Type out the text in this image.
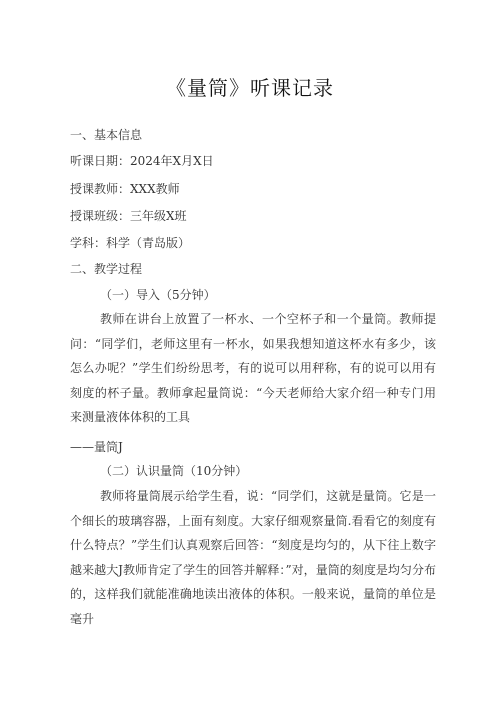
《量筒》听课记录
一、基本信息
听课日期：2024年X月X日
授课教师：XXX教师
授课班级：三年级X班
学科：科学（青岛版）
二、教学过程
（一）导入（5分钟）
教师在讲台上放置了一杯水、一个空杯子和一个量筒。教师提问：“同学们，老师这里有一杯水，如果我想知道这杯水有多少，该怎么办呢？”学生们纷纷思考，有的说可以用秤称，有的说可以用有刻度的杯子量。教师拿起量筒说：“今天老师给大家介绍一种专门用来测量液体体积的工具
——量筒J
（二）认识量筒（10分钟）
教师将量筒展示给学生看，说：“同学们，这就是量筒。它是一个细长的玻璃容器，上面有刻度。大家仔细观察量筒.看看它的刻度有什么特点？”学生们认真观察后回答：“刻度是均匀的，从下往上数字越来越大J教师肯定了学生的回答并解释：”对，量筒的刻度是均匀分布的，这样我们就能准确地读出液体的体积。一般来说，量筒的单位是毫升
